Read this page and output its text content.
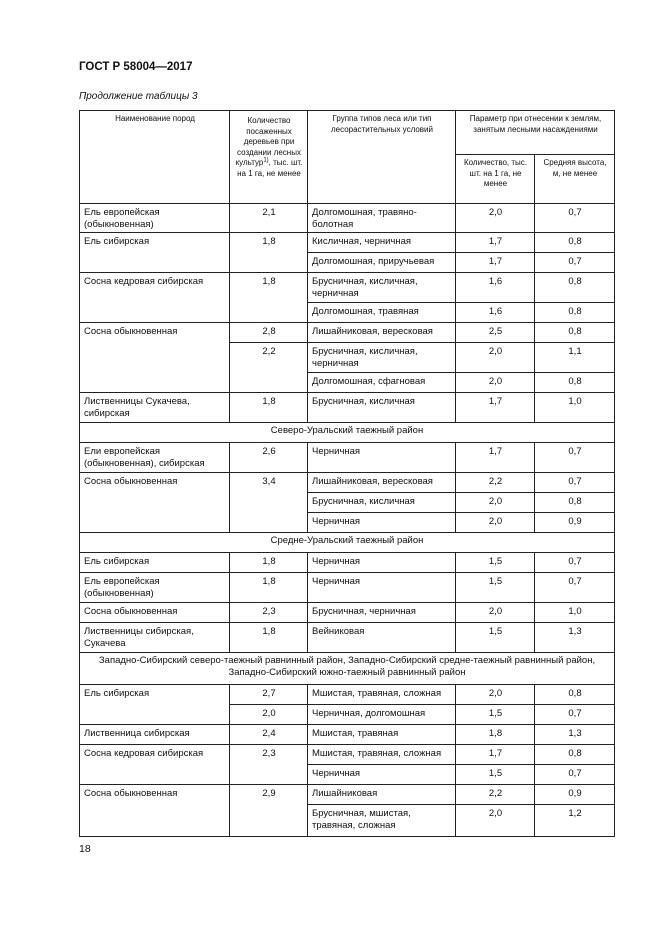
ГОСТ Р 58004—2017
Продолжение таблицы 3
Наименование пород	Количество посаженных деревьев при создании лесных культур$^{1)}$, тыс. шт. на 1 га, не менее	Группа типов леса или тип лесорастительных условий	Параметр при отнесении к землям, занятым лесными насаждениями	

			Количество, тыс. шт. на 1 га, не менее	Средняя высота, м, не менее

Ель европейская (обыкновенная)	2,1	Долгомошная, травяно-болотная	2,0	0,7

Ель сибирская	1,8	Кисличная, черничная	1,7	0,8

		Долгомошная, приручьевая	1,7	0,7

Сосна кедровая сибирская	1,8	Брусничная, кисличная, черничная	1,6	0,8

		Долгомошная, травяная	1,6	0,8

Сосна обыкновенная	2,8	Лишайниковая, вересковая	2,5	0,8

	2,2	Брусничная, кисличная, черничная	2,0	1,1

		Долгомошная, сфагновая	2,0	0,8

Лиственницы Сукачева, сибирская	1,8	Брусничная, кисличная	1,7	1,0

Северо-Уральский таежный район				

Ели европейская (обыкновенная), сибирская	2,6	Черничная	1,7	0,7

Сосна обыкновенная	3,4	Лишайниковая, вересковая	2,2	0,7

		Брусничная, кисличная	2,0	0,8

		Черничная	2,0	0,9

Средне-Уральский таежный район				

Ель сибирская	1,8	Черничная	1,5	0,7

Ель европейская (обыкновенная)	1,8	Черничная	1,5	0,7

Сосна обыкновенная	2,3	Брусничная, черничная	2,0	1,0

Лиственницы сибирская, Сукачева	1,8	Вейниковая	1,5	1,3

Западно-Сибирский северо-таежный равнинный район, Западно-Сибирский средне-таежный равнинный район, Западно-Сибирский южно-таежный равнинный район				

Ель сибирская	2,7	Мшистая, травяная, сложная	2,0	0,8

	2,0	Черничная, долгомошная	1,5	0,7

Лиственница сибирская	2,4	Мшистая, травяная	1,8	1,3

Сосна кедровая сибирская	2,3	Мшистая, травяная, сложная	1,7	0,8

		Черничная	1,5	0,7

Сосна обыкновенная	2,9	Лишайниковая	2,2	0,9

		Брусничная, мшистая, травяная, сложная	2,0	1,2
18
